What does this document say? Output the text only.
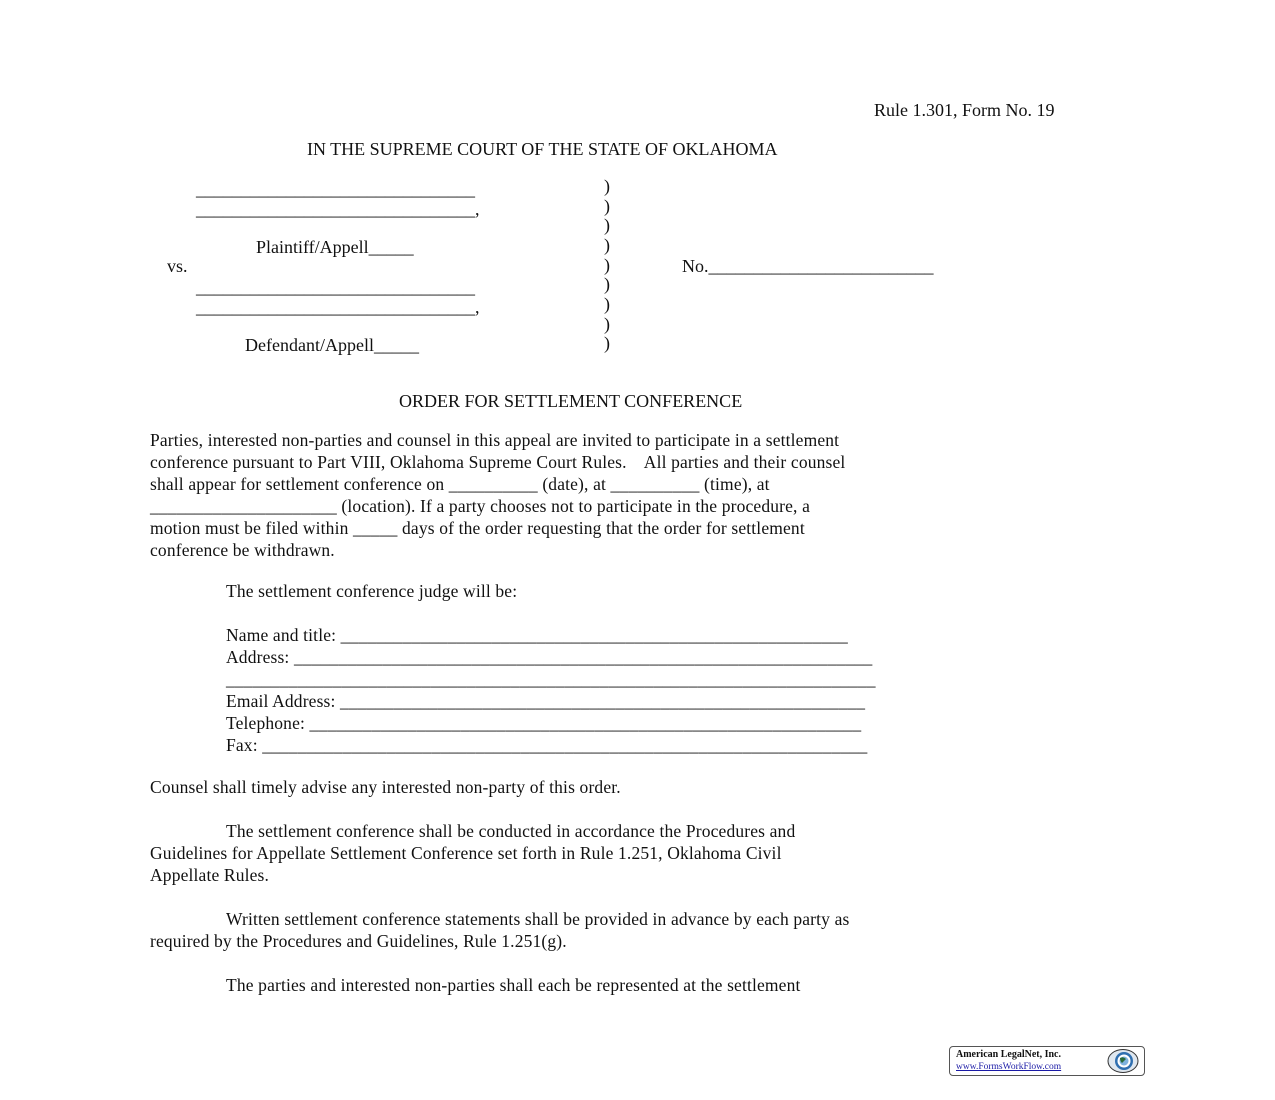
Rule 1.301, Form No. 19
IN THE SUPREME COURT OF THE STATE OF OKLAHOMA
_______________________________
_______________________________,
Plaintiff/Appell_____
vs.
_______________________________
_______________________________,
Defendant/Appell_____
)
)
)
)
)
)
)
)
)
No._________________________
ORDER FOR SETTLEMENT CONFERENCE
Parties, interested non-parties and counsel in this appeal are invited to participate in a settlement
conference pursuant to Part VIII, Oklahoma Supreme Court Rules.    All parties and their counsel
shall appear for settlement conference on __________ (date), at __________ (time), at
_____________________ (location). If a party chooses not to participate in the procedure, a
motion must be filed within _____ days of the order requesting that the order for settlement
conference be withdrawn.
The settlement conference judge will be:
Name and title: _________________________________________________________
Address: _________________________________________________________________
_________________________________________________________________________
Email Address: ___________________________________________________________
Telephone: ______________________________________________________________
Fax: ____________________________________________________________________
Counsel shall timely advise any interested non-party of this order.
The settlement conference shall be conducted in accordance the Procedures and
Guidelines for Appellate Settlement Conference set forth in Rule 1.251, Oklahoma Civil
Appellate Rules.
Written settlement conference statements shall be provided in advance by each party as
required by the Procedures and Guidelines, Rule 1.251(g).
The parties and interested non-parties shall each be represented at the settlement
American LegalNet, Inc.
www.FormsWorkFlow.com
